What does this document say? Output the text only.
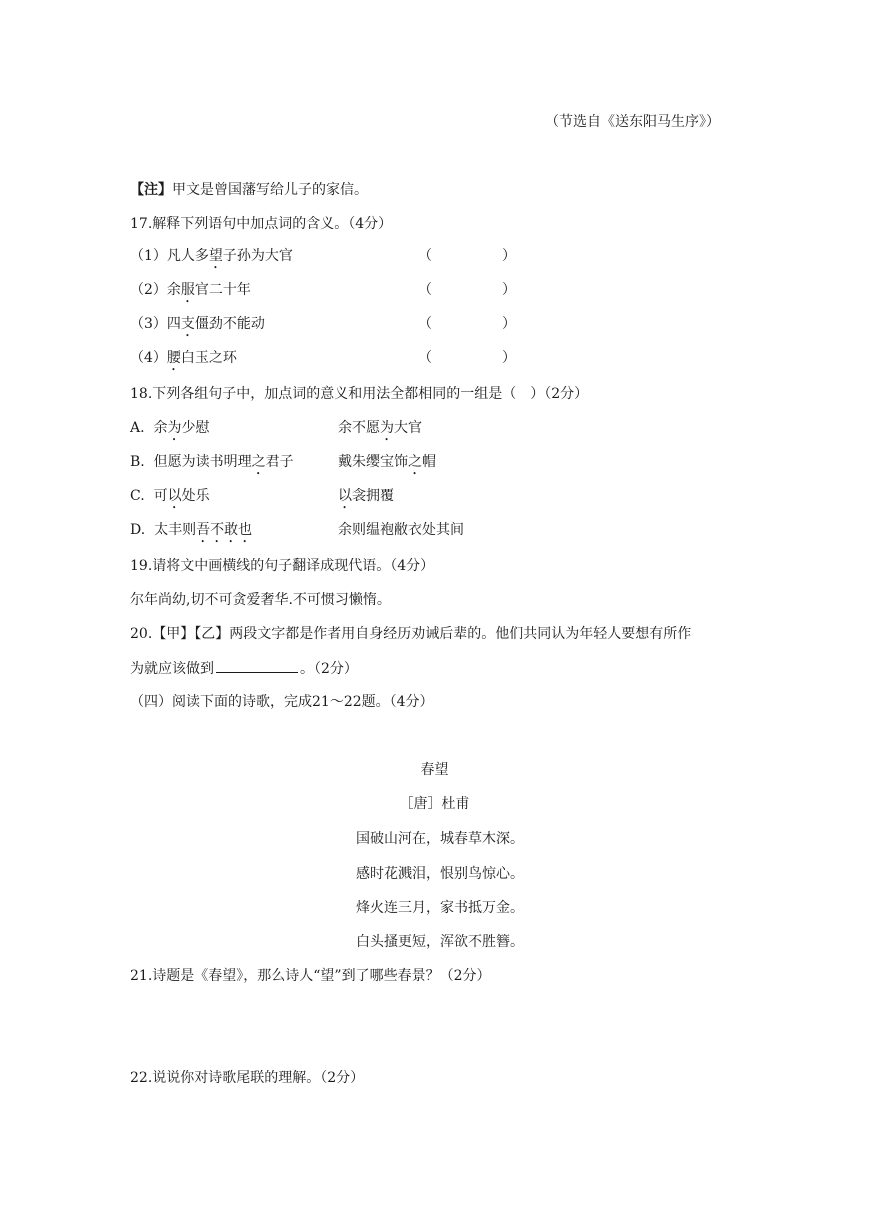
（节选自《送东阳马生序》）
【注】甲文是曾国藩写给儿子的家信。
17.解释下列语句中加点词的含义。（4分）
（1）凡人多望子孙为大官	（　　　　　）
（2）余服官二十年	（　　　　　）
（3）四支僵劲不能动	（　　　　　）
（4）腰白玉之环	（　　　　　）
18.下列各组句子中，加点词的意义和用法全都相同的一组是（　）（2分）
A. 余为少慰	余不愿为大官
B. 但愿为读书明理之君子	戴朱缨宝饰之帽
C. 可以处乐	以衾拥覆
D. 太丰则吾不敢也	余则缊袍敝衣处其间
19.请将文中画横线的句子翻译成现代语。（4分）
尔年尚幼,切不可贪爱奢华.不可惯习懒惰。
20.【甲】【乙】两段文字都是作者用自身经历劝诫后辈的。他们共同认为年轻人要想有所作
为就应该做到	。（2分）
（四）阅读下面的诗歌，完成21～22题。（4分）
春望
［唐］杜甫
国破山河在，城春草木深。
感时花溅泪，恨别鸟惊心。
烽火连三月，家书抵万金。
白头搔更短，浑欲不胜簪。
21.诗题是《春望》，那么诗人“望”到了哪些春景？（2分）
22.说说你对诗歌尾联的理解。（2分）
